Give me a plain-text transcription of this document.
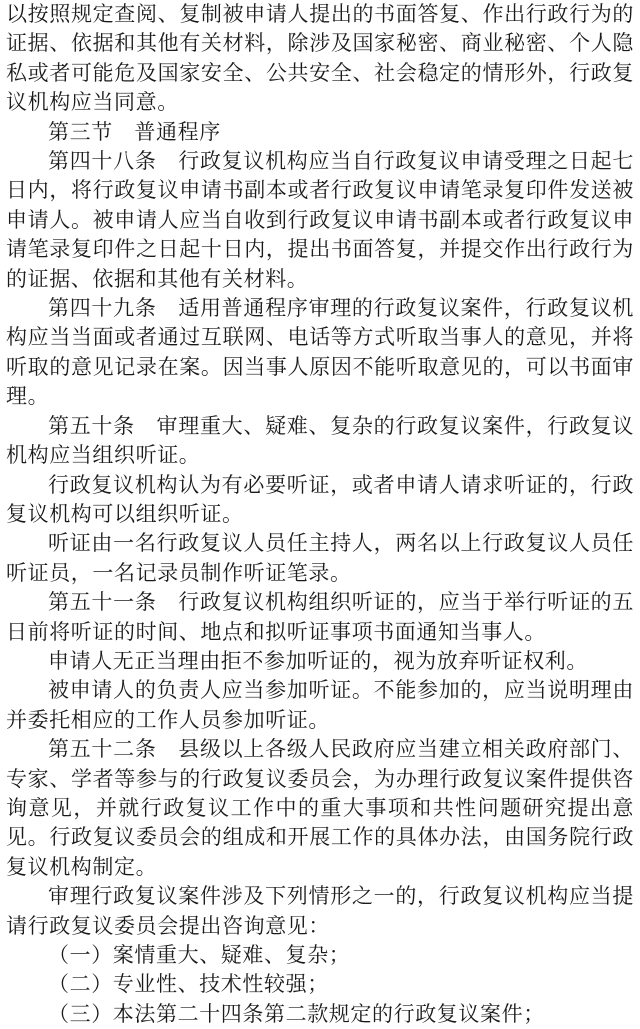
以按照规定查阅、复制被申请人提出的书面答复、作出行政行为的证据、依据和其他有关材料，除涉及国家秘密、商业秘密、个人隐私或者可能危及国家安全、公共安全、社会稳定的情形外，行政复议机构应当同意。

第三节　普通程序

第四十八条　行政复议机构应当自行政复议申请受理之日起七日内，将行政复议申请书副本或者行政复议申请笔录复印件发送被申请人。被申请人应当自收到行政复议申请书副本或者行政复议申请笔录复印件之日起十日内，提出书面答复，并提交作出行政行为的证据、依据和其他有关材料。

第四十九条　适用普通程序审理的行政复议案件，行政复议机构应当当面或者通过互联网、电话等方式听取当事人的意见，并将听取的意见记录在案。因当事人原因不能听取意见的，可以书面审理。

第五十条　审理重大、疑难、复杂的行政复议案件，行政复议机构应当组织听证。

行政复议机构认为有必要听证，或者申请人请求听证的，行政复议机构可以组织听证。

听证由一名行政复议人员任主持人，两名以上行政复议人员任听证员，一名记录员制作听证笔录。

第五十一条　行政复议机构组织听证的，应当于举行听证的五日前将听证的时间、地点和拟听证事项书面通知当事人。

申请人无正当理由拒不参加听证的，视为放弃听证权利。

被申请人的负责人应当参加听证。不能参加的，应当说明理由并委托相应的工作人员参加听证。

第五十二条　县级以上各级人民政府应当建立相关政府部门、专家、学者等参与的行政复议委员会，为办理行政复议案件提供咨询意见，并就行政复议工作中的重大事项和共性问题研究提出意见。行政复议委员会的组成和开展工作的具体办法，由国务院行政复议机构制定。

审理行政复议案件涉及下列情形之一的，行政复议机构应当提请行政复议委员会提出咨询意见：

（一）案情重大、疑难、复杂；

（二）专业性、技术性较强；

（三）本法第二十四条第二款规定的行政复议案件；
